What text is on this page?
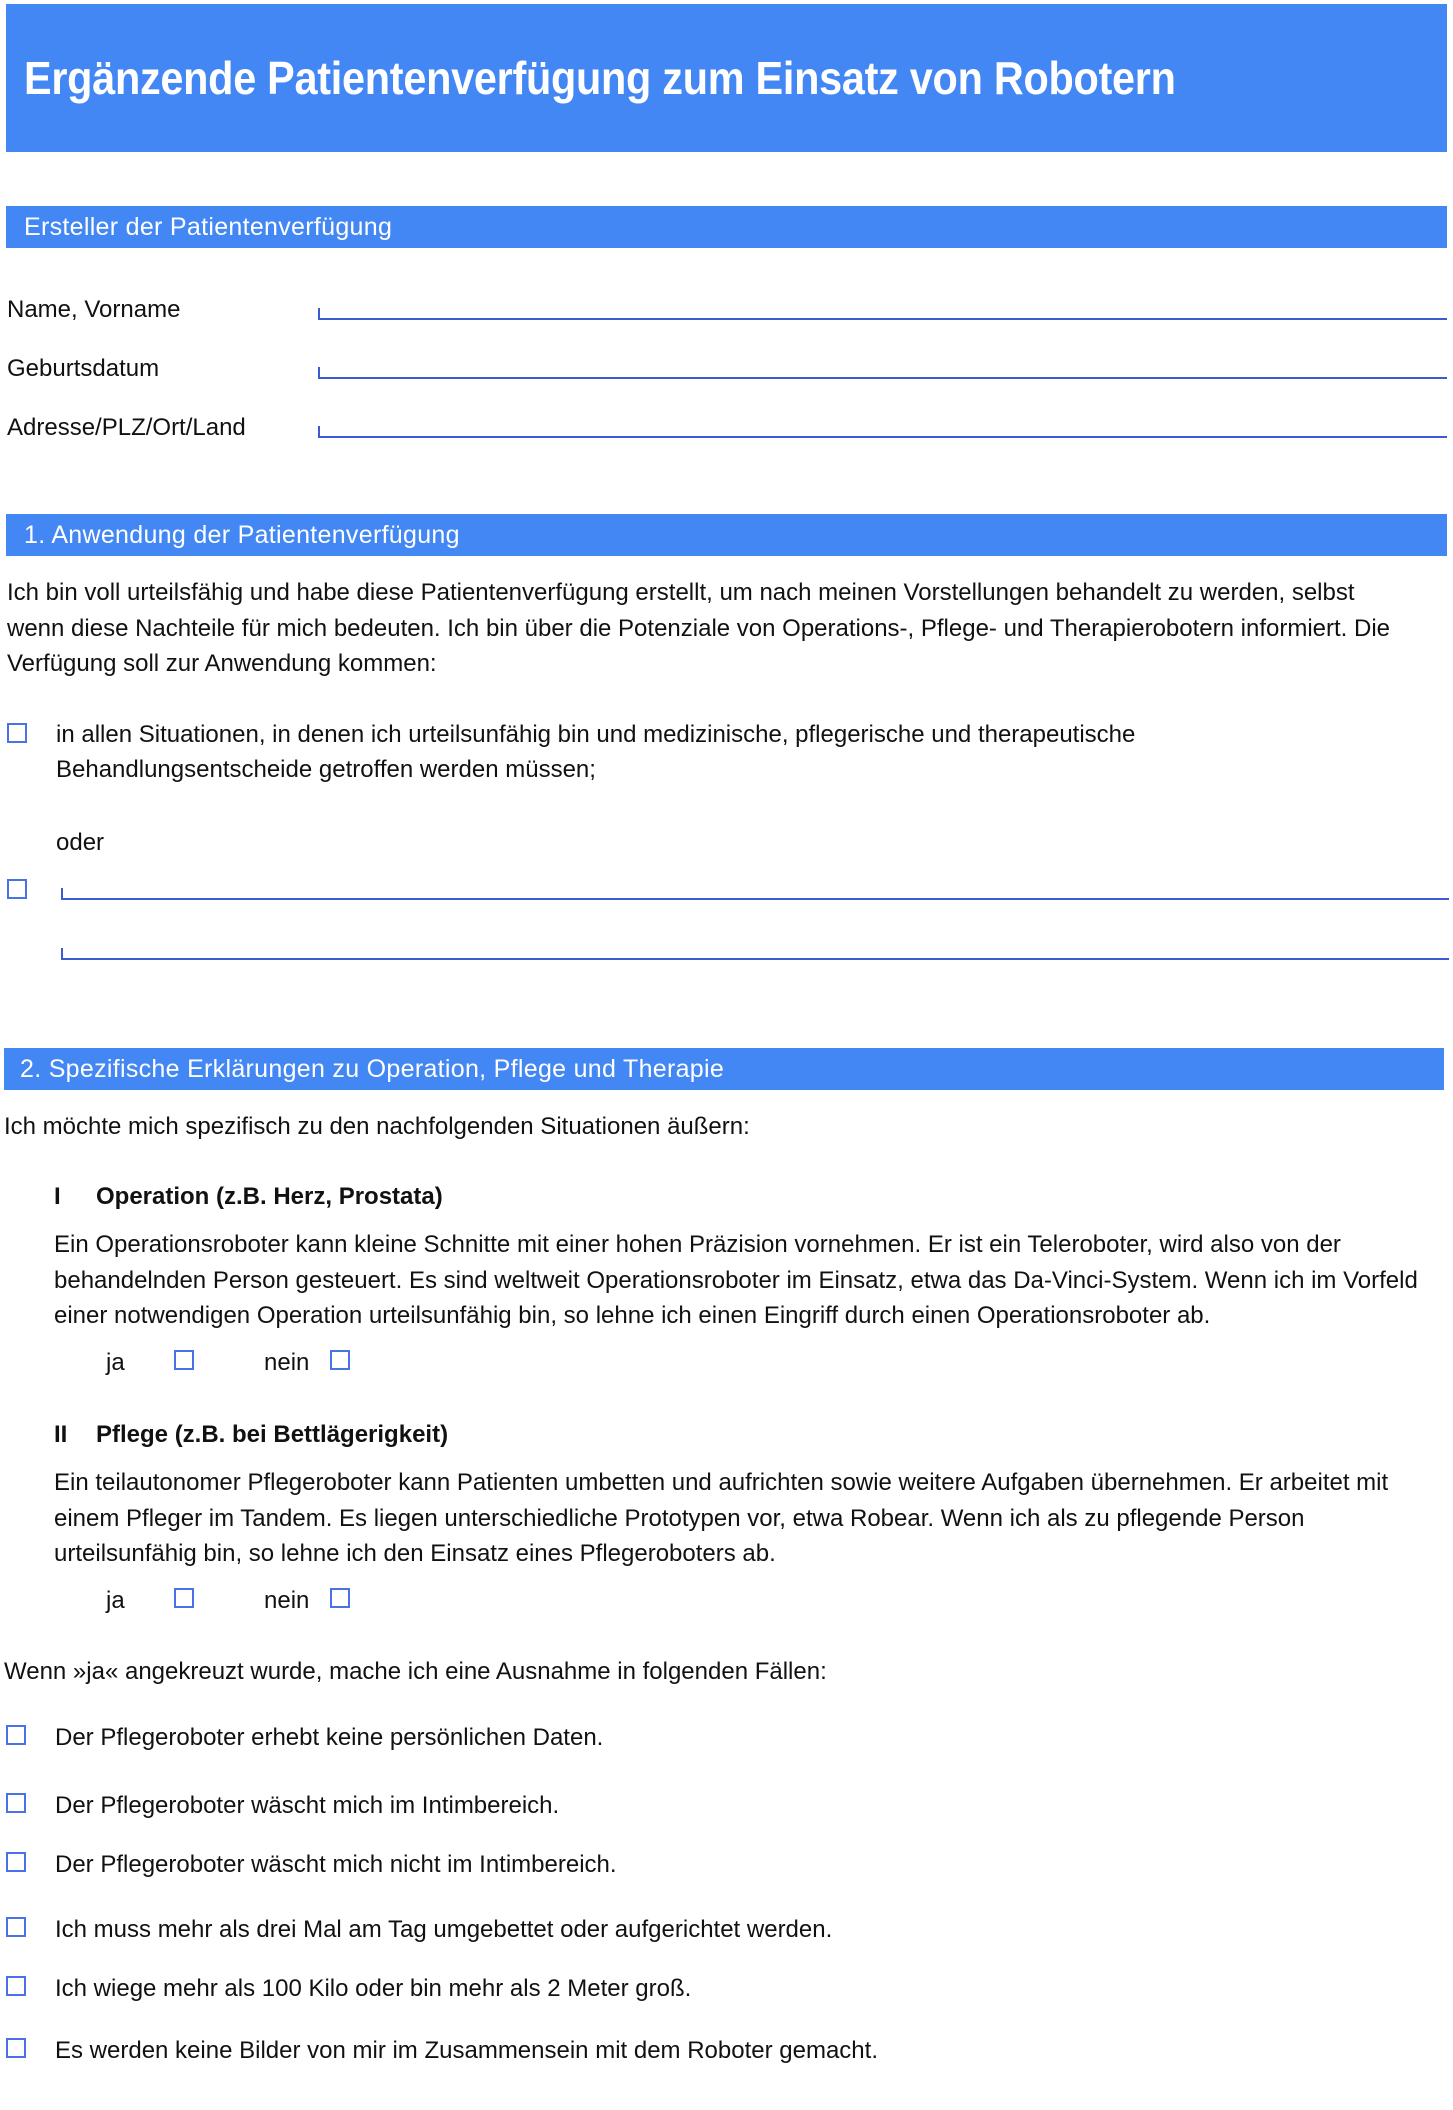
Ergänzende Patientenverfügung zum Einsatz von Robotern
Ersteller der Patientenverfügung
Name, Vorname
Geburtsdatum
Adresse/PLZ/Ort/Land
1. Anwendung der Patientenverfügung
Ich bin voll urteilsfähig und habe diese Patientenverfügung erstellt, um nach meinen Vorstellungen behandelt zu werden, selbst wenn diese Nachteile für mich bedeuten. Ich bin über die Potenziale von Operations-, Pflege- und Therapierobotern informiert. Die Verfügung soll zur Anwendung kommen:
in allen Situationen, in denen ich urteilsunfähig bin und medizinische, pflegerische und therapeutische Behandlungsentscheide getroffen werden müssen;
oder
2. Spezifische Erklärungen zu Operation, Pflege und Therapie
Ich möchte mich spezifisch zu den nachfolgenden Situationen äußern:
I Operation (z.B. Herz, Prostata)
Ein Operationsroboter kann kleine Schnitte mit einer hohen Präzision vornehmen. Er ist ein Teleroboter, wird also von der behandelnden Person gesteuert. Es sind weltweit Operationsroboter im Einsatz, etwa das Da-Vinci-System. Wenn ich im Vorfeld einer notwendigen Operation urteilsunfähig bin, so lehne ich einen Eingriff durch einen Operationsroboter ab.
ja	nein
II Pflege (z.B. bei Bettlägerigkeit)
Ein teilautonomer Pflegeroboter kann Patienten umbetten und aufrichten sowie weitere Aufgaben übernehmen. Er arbeitet mit einem Pfleger im Tandem. Es liegen unterschiedliche Prototypen vor, etwa Robear. Wenn ich als zu pflegende Person urteilsunfähig bin, so lehne ich den Einsatz eines Pflegeroboters ab.
ja	nein
Wenn »ja« angekreuzt wurde, mache ich eine Ausnahme in folgenden Fällen:
Der Pflegeroboter erhebt keine persönlichen Daten.
Der Pflegeroboter wäscht mich im Intimbereich.
Der Pflegeroboter wäscht mich nicht im Intimbereich.
Ich muss mehr als drei Mal am Tag umgebettet oder aufgerichtet werden.
Ich wiege mehr als 100 Kilo oder bin mehr als 2 Meter groß.
Es werden keine Bilder von mir im Zusammensein mit dem Roboter gemacht.
